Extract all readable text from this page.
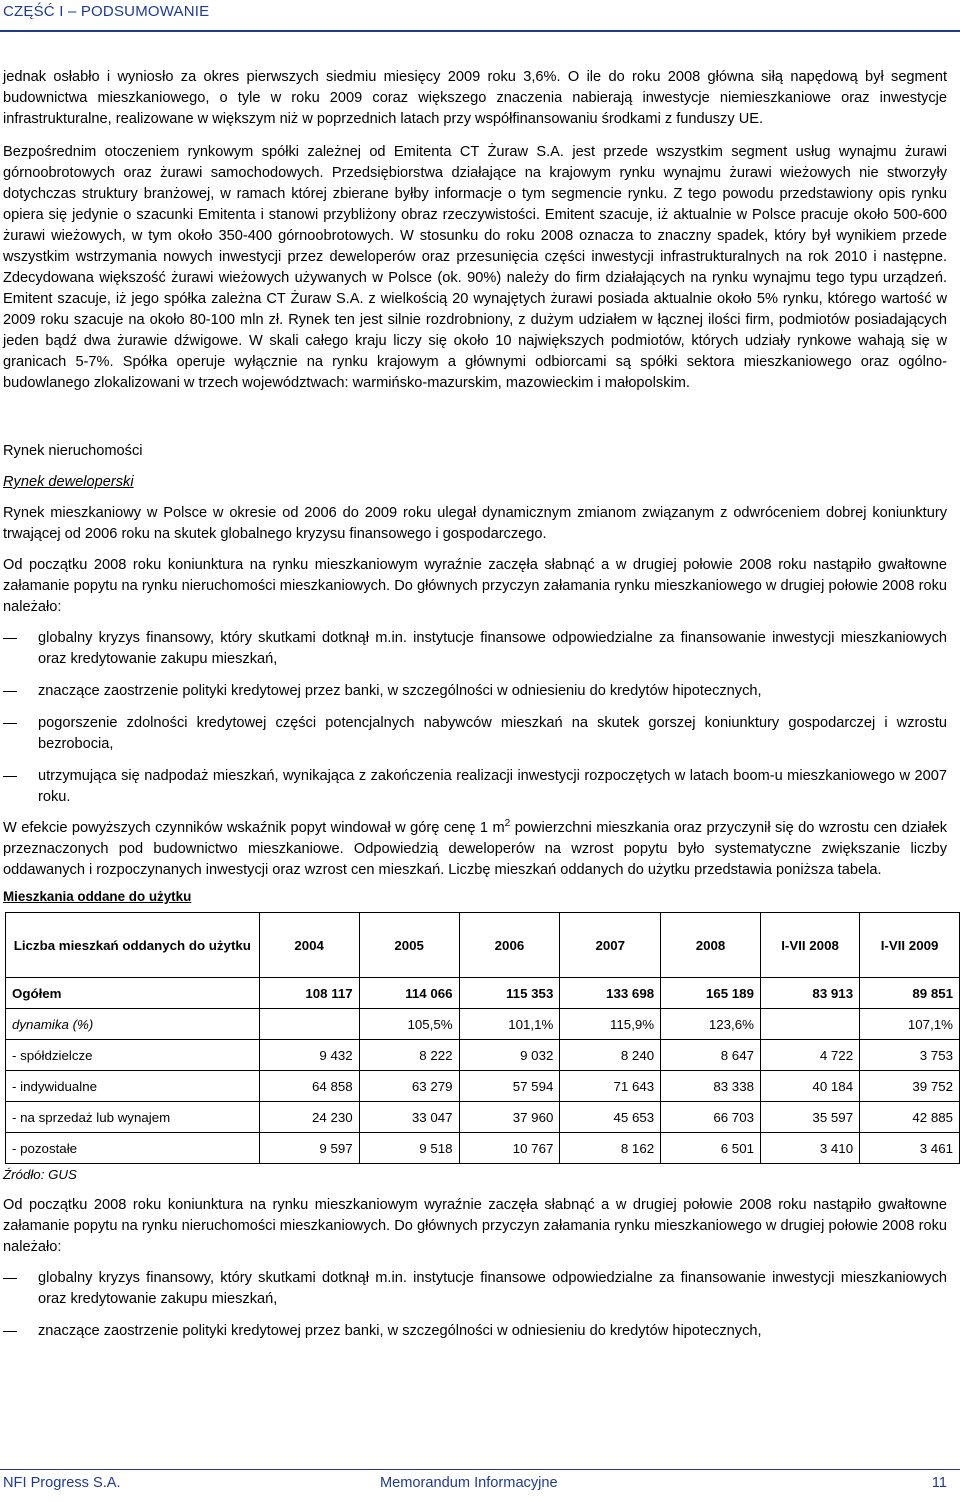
CZĘŚĆ I – PODSUMOWANIE

jednak osłabło i wyniosło za okres pierwszych siedmiu miesięcy 2009 roku 3,6%. O ile do roku 2008 główna siłą napędową był segment budownictwa mieszkaniowego, o tyle w roku 2009 coraz większego znaczenia nabierają inwestycje niemieszkaniowe oraz inwestycje infrastrukturalne, realizowane w większym niż w poprzednich latach przy współfinansowaniu środkami z funduszy UE.

Bezpośrednim otoczeniem rynkowym spółki zależnej od Emitenta CT Żuraw S.A. jest przede wszystkim segment usług wynajmu żurawi górnoobrotowych oraz żurawi samochodowych. Przedsiębiorstwa działające na krajowym rynku wynajmu żurawi wieżowych nie stworzyły dotychczas struktury branżowej, w ramach której zbierane byłby informacje o tym segmencie rynku. Z tego powodu przedstawiony opis rynku opiera się jedynie o szacunki Emitenta i stanowi przybliżony obraz rzeczywistości. Emitent szacuje, iż aktualnie w Polsce pracuje około 500-600 żurawi wieżowych, w tym około 350-400 górnoobrotowych. W stosunku do roku 2008 oznacza to znaczny spadek, który był wynikiem przede wszystkim wstrzymania nowych inwestycji przez deweloperów oraz przesunięcia części inwestycji infrastrukturalnych na rok 2010 i następne. Zdecydowana większość żurawi wieżowych używanych w Polsce (ok. 90%) należy do firm działających na rynku wynajmu tego typu urządzeń. Emitent szacuje, iż jego spółka zależna CT Żuraw S.A. z wielkością 20 wynajętych żurawi posiada aktualnie około 5% rynku, którego wartość w 2009 roku szacuje na około 80-100 mln zł. Rynek ten jest silnie rozdrobniony, z dużym udziałem w łącznej ilości firm, podmiotów posiadających jeden bądź dwa żurawie dźwigowe. W skali całego kraju liczy się około 10 największych podmiotów, których udziały rynkowe wahają się w granicach 5-7%. Spółka operuje wyłącznie na rynku krajowym a głównymi odbiorcami są spółki sektora mieszkaniowego oraz ogólno- budowlanego zlokalizowani w trzech województwach: warmińsko-mazurskim, mazowieckim i małopolskim.

Rynek nieruchomości

Rynek deweloperski

Rynek mieszkaniowy w Polsce w okresie od 2006 do 2009 roku ulegał dynamicznym zmianom związanym z odwróceniem dobrej koniunktury trwającej od 2006 roku na skutek globalnego kryzysu finansowego i gospodarczego.

Od początku 2008 roku koniunktura na rynku mieszkaniowym wyraźnie zaczęła słabnąć a w drugiej połowie 2008 roku nastąpiło gwałtowne załamanie popytu na rynku nieruchomości mieszkaniowych. Do głównych przyczyn załamania rynku mieszkaniowego w drugiej połowie 2008 roku należało:

globalny kryzys finansowy, który skutkami dotknął m.in. instytucje finansowe odpowiedzialne za finansowanie inwestycji mieszkaniowych oraz kredytowanie zakupu mieszkań,
znaczące zaostrzenie polityki kredytowej przez banki, w szczególności w odniesieniu do kredytów hipotecznych,
pogorszenie zdolności kredytowej części potencjalnych nabywców mieszkań na skutek gorszej koniunktury gospodarczej i wzrostu bezrobocia,
utrzymująca się nadpodaż mieszkań, wynikająca z zakończenia realizacji inwestycji rozpoczętych w latach boom-u mieszkaniowego w 2007 roku.

W efekcie powyższych czynników wskaźnik popyt windował w górę cenę 1 $m^2$ powierzchni mieszkania oraz przyczynił się do wzrostu cen działek przeznaczonych pod budownictwo mieszkaniowe. Odpowiedzią deweloperów na wzrost popytu było systematyczne zwiększanie liczby oddawanych i rozpoczynanych inwestycji oraz wzrost cen mieszkań. Liczbę mieszkań oddanych do użytku przedstawia poniższa tabela.

Mieszkania oddane do użytku

Liczba mieszkań oddanych do użytku	2004	2005	2006	2007	2008	I-VII 2008	I-VII 2009
Ogółem	108 117	114 066	115 353	133 698	165 189	83 913	89 851
dynamika (%)		105,5%	101,1%	115,9%	123,6%		107,1%
- spółdzielcze	9 432	8 222	9 032	8 240	8 647	4 722	3 753
- indywidualne	64 858	63 279	57 594	71 643	83 338	40 184	39 752
- na sprzedaż lub wynajem	24 230	33 047	37 960	45 653	66 703	35 597	42 885
- pozostałe	9 597	9 518	10 767	8 162	6 501	3 410	3 461

Źródło: GUS

Od początku 2008 roku koniunktura na rynku mieszkaniowym wyraźnie zaczęła słabnąć a w drugiej połowie 2008 roku nastąpiło gwałtowne załamanie popytu na rynku nieruchomości mieszkaniowych. Do głównych przyczyn załamania rynku mieszkaniowego w drugiej połowie 2008 roku należało:

globalny kryzys finansowy, który skutkami dotknął m.in. instytucje finansowe odpowiedzialne za finansowanie inwestycji mieszkaniowych oraz kredytowanie zakupu mieszkań,
znaczące zaostrzenie polityki kredytowej przez banki, w szczególności w odniesieniu do kredytów hipotecznych,
NFI Progress S.A.	Memorandum Informacyjne	11
